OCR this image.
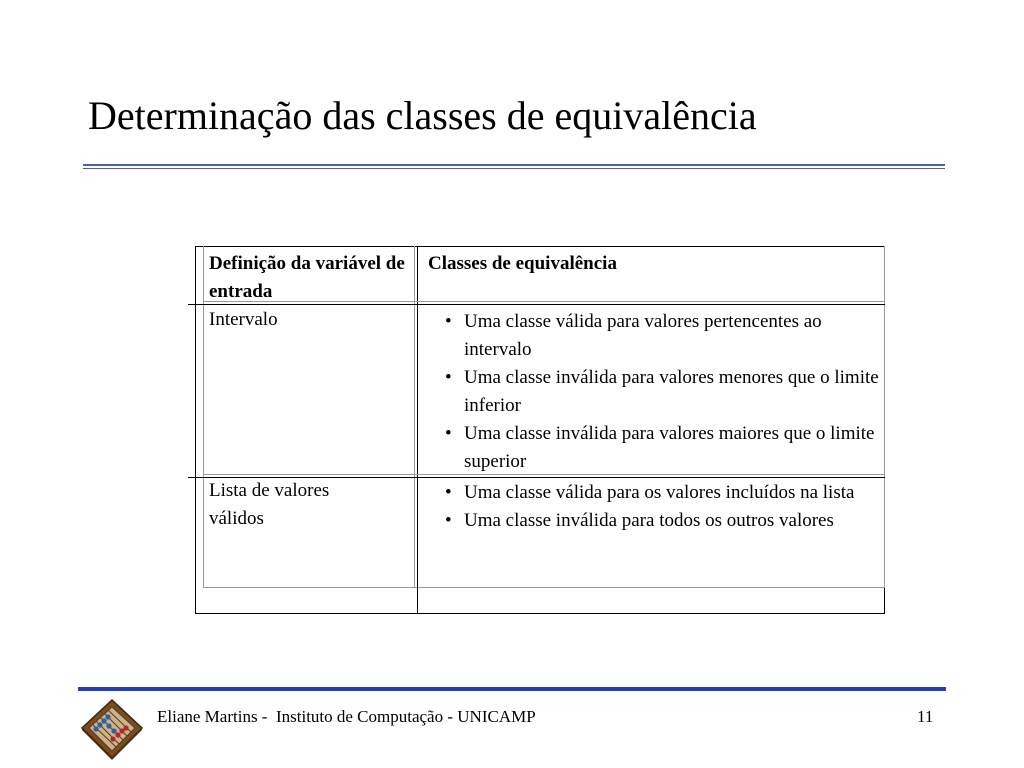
Determinação das classes de equivalência
Definição da variável de entrada
Classes de equivalência
Intervalo
•	Uma classe válida para valores pertencentes ao intervalo
• Uma classe inválida para valores menores que o limite inferior
• Uma classe inválida para valores maiores que o limite superior
Lista de valores válidos
• Uma classe válida para os valores incluídos na lista
• Uma classe inválida para todos os outros valores
Eliane Martins -  Instituto de Computação - UNICAMP	11
